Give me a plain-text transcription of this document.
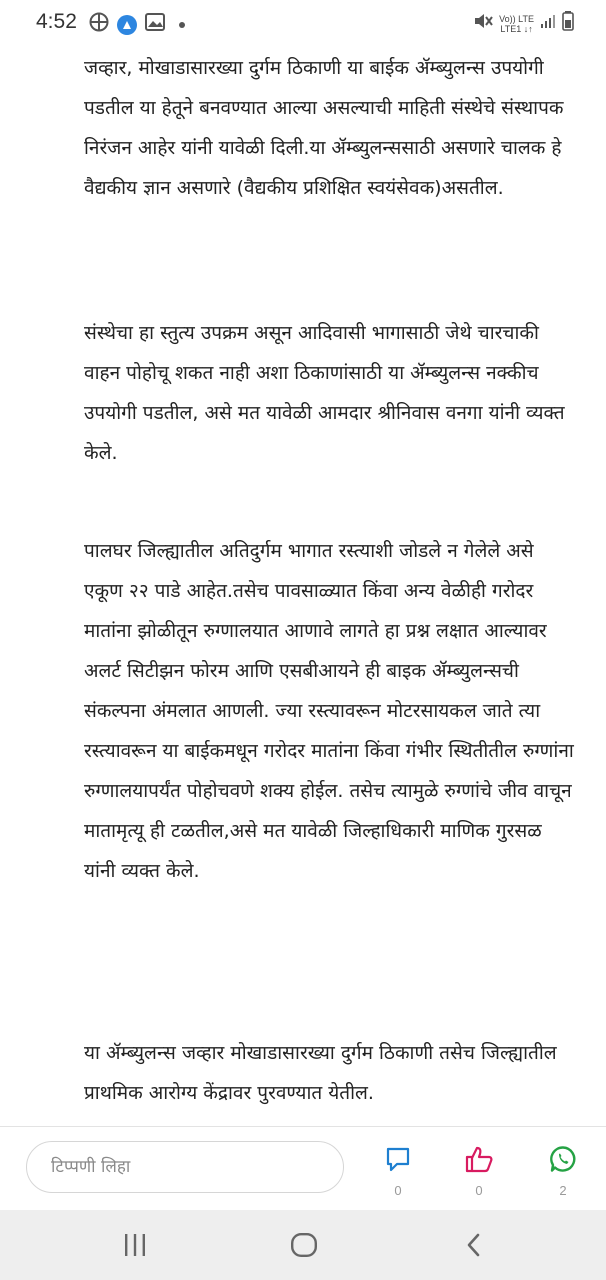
4:52	Vo)) LTE
LTE1 ↓↑

जव्हार, मोखाडासारख्या दुर्गम ठिकाणी या बाईक ॲम्ब्युलन्स उपयोगी पडतील या हेतूने बनवण्यात आल्या असल्याची माहिती संस्थेचे संस्थापक निरंजन आहेर यांनी यावेळी दिली.या ॲम्ब्युलन्ससाठी असणारे चालक हे वैद्यकीय ज्ञान असणारे (वैद्यकीय प्रशिक्षित स्वयंसेवक)असतील.

संस्थेचा हा स्तुत्य उपक्रम असून आदिवासी भागासाठी जेथे चारचाकी वाहन पोहोचू शकत नाही अशा ठिकाणांसाठी या ॲम्ब्युलन्स नक्कीच उपयोगी पडतील, असे मत यावेळी आमदार श्रीनिवास वनगा यांनी व्यक्त केले.

पालघर जिल्ह्यातील अतिदुर्गम भागात रस्त्याशी जोडले न गेलेले असे एकूण २२ पाडे आहेत.तसेच पावसाळ्यात किंवा अन्य वेळीही गरोदर मातांना झोळीतून रुग्णालयात आणावे लागते हा प्रश्न लक्षात आल्यावर अलर्ट सिटीझन फोरम आणि एसबीआयने ही बाइक ॲम्ब्युलन्सची संकल्पना अंमलात आणली. ज्या रस्त्यावरून मोटरसायकल जाते त्या रस्त्यावरून या बाईकमधून गरोदर मातांना किंवा गंभीर स्थितीतील रुग्णांना रुग्णालयापर्यंत पोहोचवणे शक्य होईल. तसेच त्यामुळे रुग्णांचे जीव वाचून मातामृत्यू ही टळतील,असे मत यावेळी जिल्हाधिकारी माणिक गुरसळ यांनी व्यक्त केले.

या ॲम्ब्युलन्स जव्हार मोखाडासारख्या दुर्गम ठिकाणी तसेच जिल्ह्यातील प्राथमिक आरोग्य केंद्रावर पुरवण्यात येतील.

टिप्पणी लिहा
0	0	2
